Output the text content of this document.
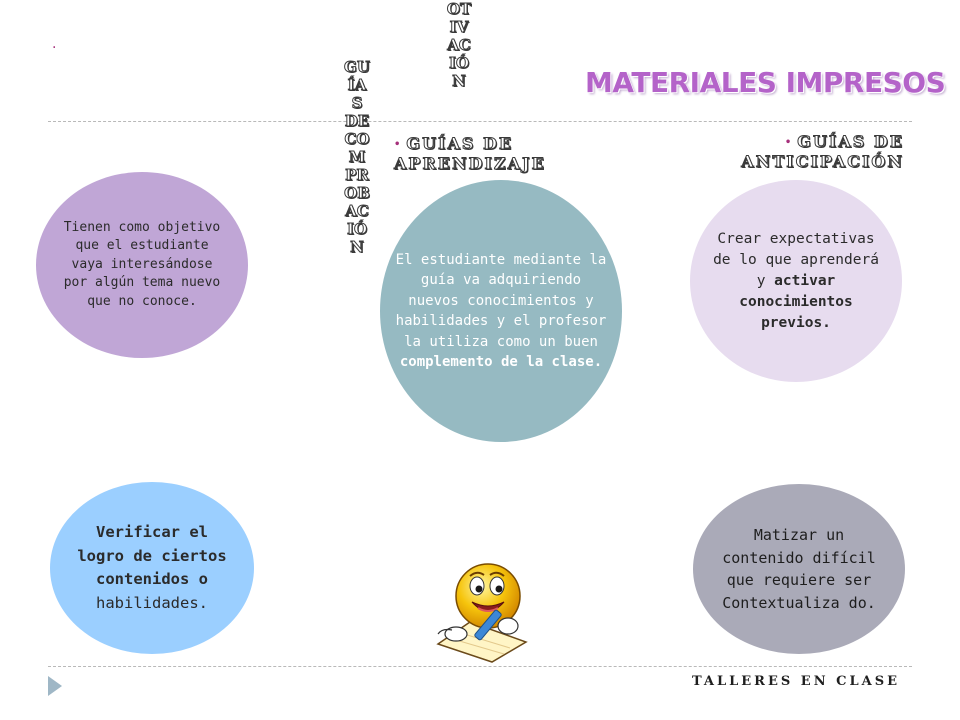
.
MATERIALES IMPRESOS
GUÍAS DE COMPROBACIÓN
OTIVACIÓN
• GUÍAS DE
APRENDIZAJE
• GUÍAS DE
ANTICIPACIÓN

Tienen como objetivo que el estudiante vaya interesándose por algún tema nuevo que no conoce.

El estudiante mediante la guía va adquiriendo nuevos conocimientos y habilidades y el profesor la utiliza como un buen complemento de la clase.

Crear expectativas de lo que aprenderá y activar conocimientos previos.

Verificar el logro de ciertos contenidos o habilidades.

Matizar un contenido difícil que requiere ser Contextualiza do.

TALLERES EN CLASE
